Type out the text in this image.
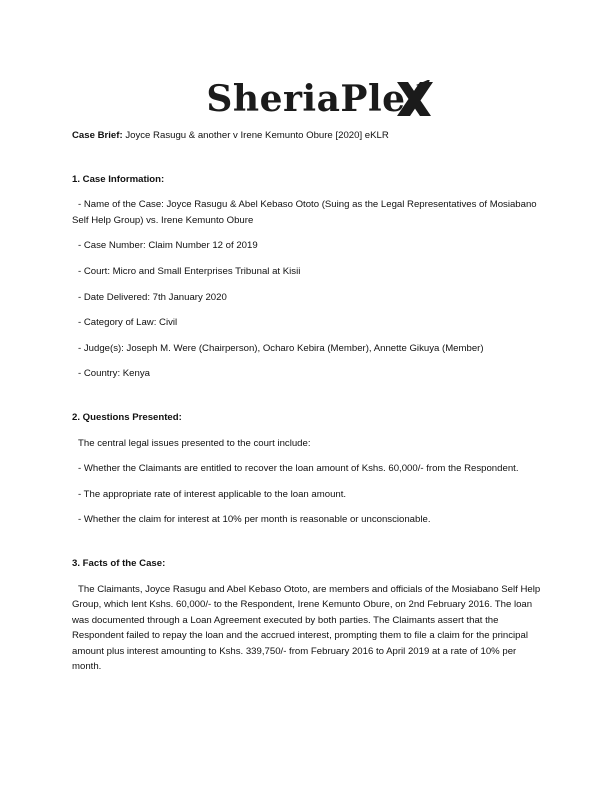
SheriaPle

Case Brief: Joyce Rasugu & another v Irene Kemunto Obure [2020] eKLR

1. Case Information:

- Name of the Case: Joyce Rasugu & Abel Kebaso Ototo (Suing as the Legal Representatives of Mosiabano Self Help Group) vs. Irene Kemunto Obure

- Case Number: Claim Number 12 of 2019

- Court: Micro and Small Enterprises Tribunal at Kisii

- Date Delivered: 7th January 2020

- Category of Law: Civil

- Judge(s): Joseph M. Were (Chairperson), Ocharo Kebira (Member), Annette Gikuya (Member)

- Country: Kenya

2. Questions Presented:

The central legal issues presented to the court include:

- Whether the Claimants are entitled to recover the loan amount of Kshs. 60,000/- from the Respondent.

- The appropriate rate of interest applicable to the loan amount.

- Whether the claim for interest at 10% per month is reasonable or unconscionable.

3. Facts of the Case:

The Claimants, Joyce Rasugu and Abel Kebaso Ototo, are members and officials of the Mosiabano Self Help Group, which lent Kshs. 60,000/- to the Respondent, Irene Kemunto Obure, on 2nd February 2016. The loan was documented through a Loan Agreement executed by both parties. The Claimants assert that the Respondent failed to repay the loan and the accrued interest, prompting them to file a claim for the principal amount plus interest amounting to Kshs. 339,750/- from February 2016 to April 2019 at a rate of 10% per month.
